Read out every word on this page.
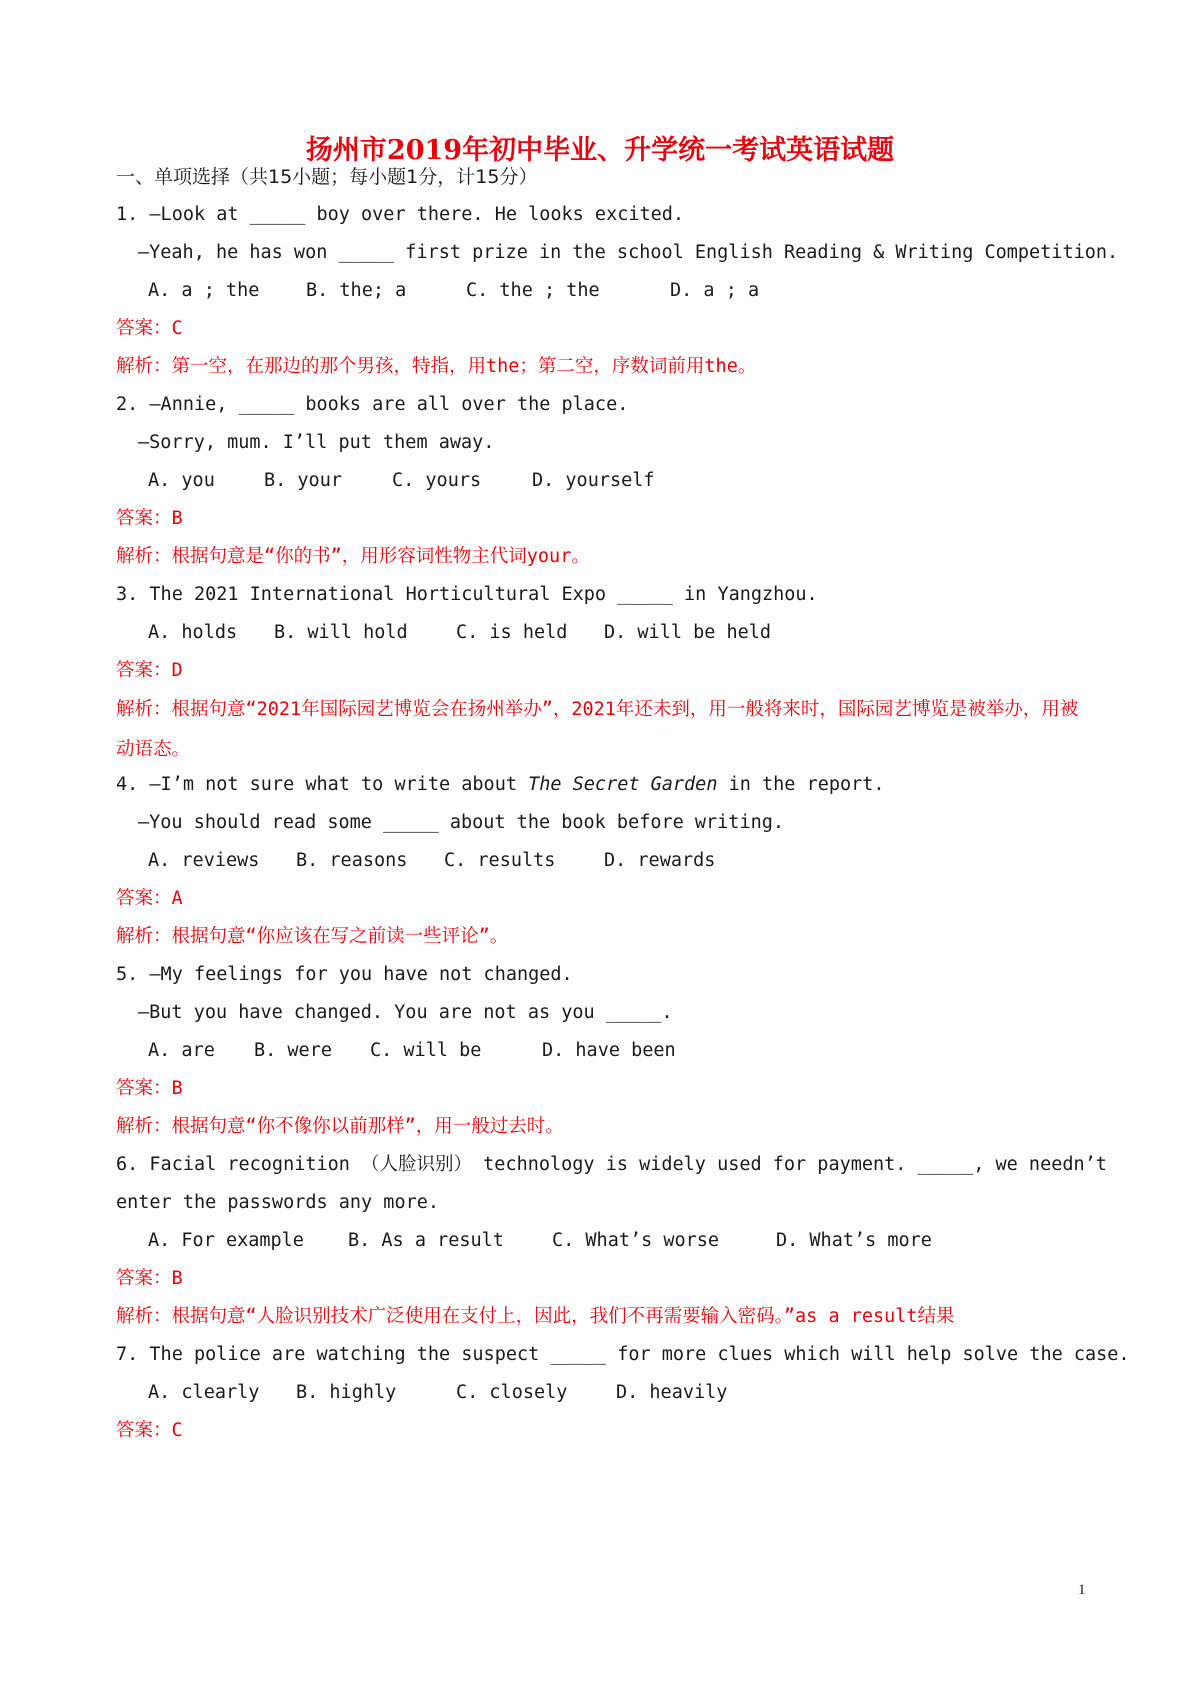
扬州市2019年初中毕业、升学统一考试英语试题
一、单项选择（共15小题；每小题1分，计15分）
1. —Look at _____ boy over there. He looks excited.
—Yeah, he has won _____ first prize in the school English Reading & Writing Competition.
A. a ; the	B. the; a	C. the ; the	D. a ; a
答案：C
解析：第一空，在那边的那个男孩，特指，用the；第二空，序数词前用the。
2. —Annie, _____ books are all over the place.
—Sorry, mum. I’ll put them away.
A. you	B. your	C. yours	D. yourself
答案：B
解析：根据句意是“你的书”，用形容词性物主代词your。
3. The 2021 International Horticultural Expo _____ in Yangzhou.
A. holds B. will hold	C. is held D. will be held
答案：D
解析：根据句意“2021年国际园艺博览会在扬州举办”，2021年还未到，用一般将来时，国际园艺博览是被举办，用被动语态。
4. —I’m not sure what to write about The Secret Garden in the report.
—You should read some _____ about the book before writing.
A. reviews B. reasons C. results	D. rewards
答案：A
解析：根据句意“你应该在写之前读一些评论”。
5. —My feelings for you have not changed.
—But you have changed. You are not as you _____.
A. are B. were C. will be	D. have been
答案：B
解析：根据句意“你不像你以前那样”，用一般过去时。
6. Facial recognition （人脸识别） technology is widely used for payment. _____, we needn’t
enter the passwords any more.
A. For example B. As a result	C. What’s worse	D. What’s more
答案：B
解析：根据句意“人脸识别技术广泛使用在支付上，因此，我们不再需要输入密码。”as a result结果
7. The police are watching the suspect _____ for more clues which will help solve the case.
A. clearly B. highly	C. closely	D. heavily
答案：C
1
